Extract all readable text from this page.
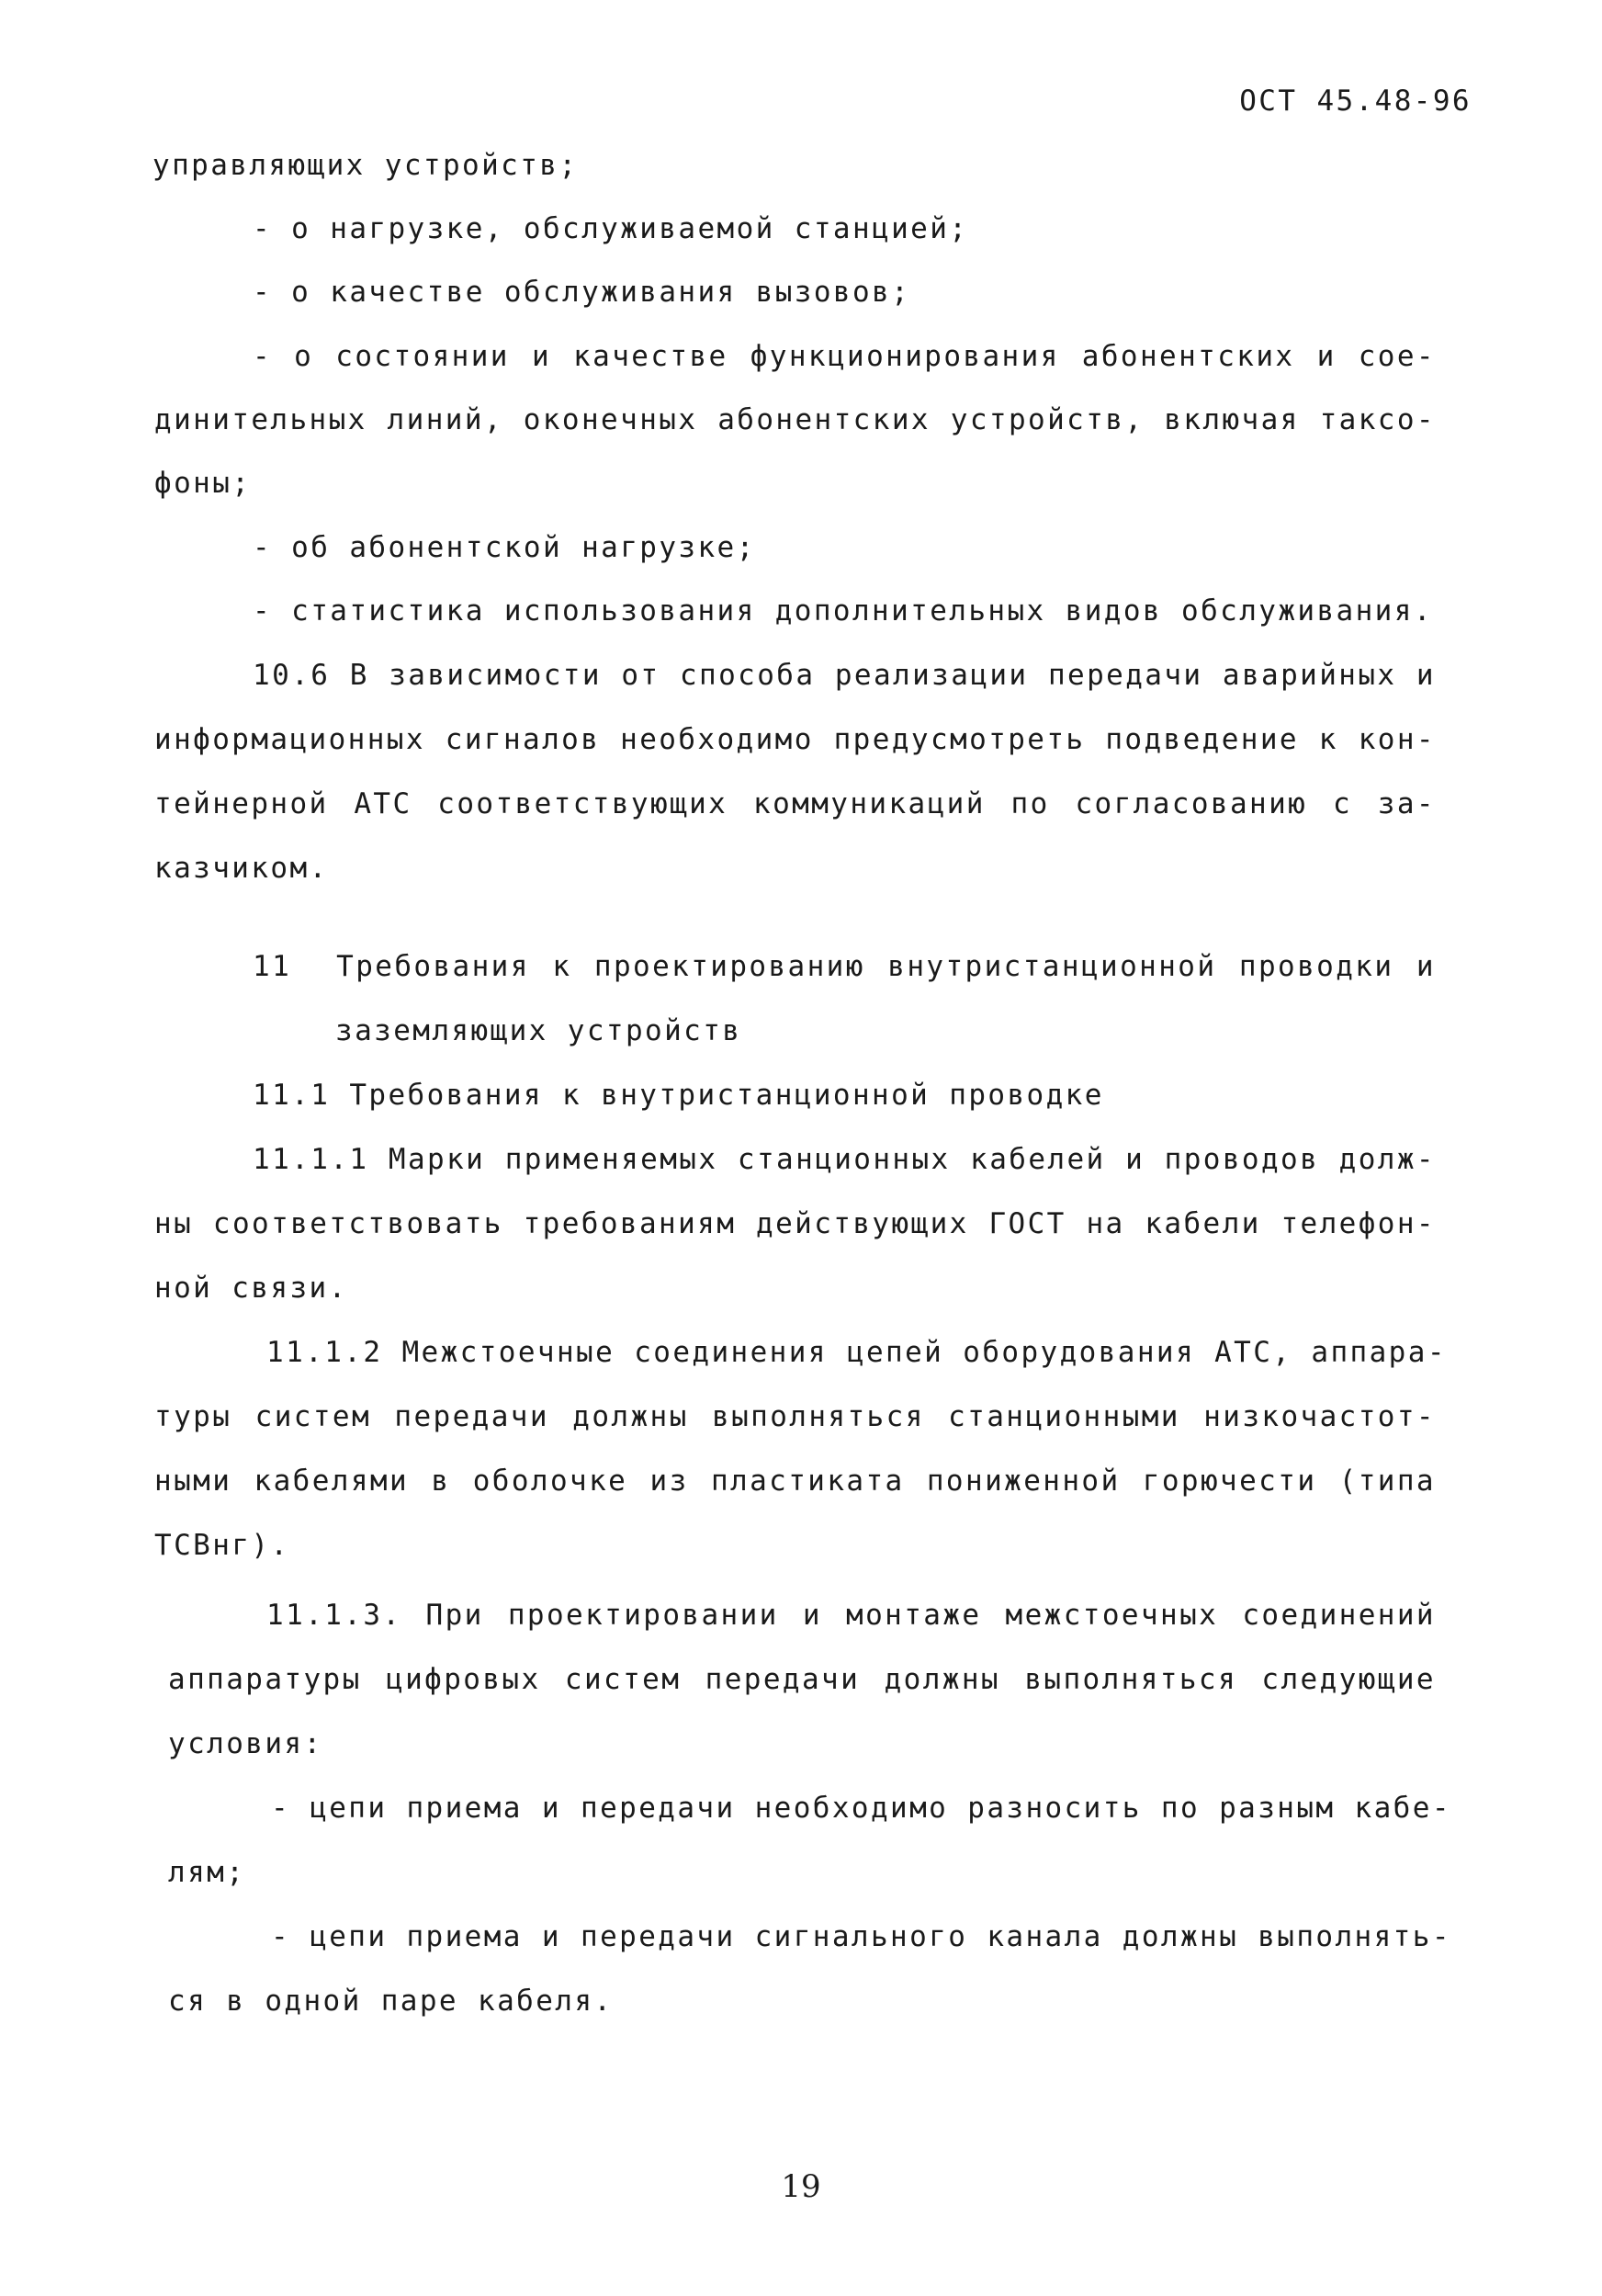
ОСТ 45.48-96
управляющих устройств;
- о нагрузке, обслуживаемой станцией;
- о качестве обслуживания вызовов;
- о состоянии и качестве функционирования абонентских и сое-
динительных линий, оконечных абонентских устройств, включая таксо-
фоны;
- об абонентской нагрузке;
- статистика использования дополнительных видов обслуживания.
10.6 В зависимости от способа реализации передачи аварийных и
информационных сигналов необходимо предусмотреть подведение к кон-
тейнерной АТС соответствующих коммуникаций по согласованию с за-
казчиком.
11  Требования к проектированию внутристанционной проводки и
заземляющих устройств
11.1 Требования к внутристанционной проводке
11.1.1 Марки применяемых станционных кабелей и проводов долж-
ны соответствовать требованиям действующих ГОСТ на кабели телефон-
ной связи.
11.1.2 Межстоечные соединения цепей оборудования АТС, аппара-
туры систем передачи должны выполняться станционными низкочастот-
ными кабелями в оболочке из пластиката пониженной горючести (типа
ТСВнг).
11.1.3. При проектировании и монтаже межстоечных соединений
аппаратуры цифровых систем передачи должны выполняться следующие
условия:
- цепи приема и передачи необходимо разносить по разным кабе-
лям;
- цепи приема и передачи сигнального канала должны выполнять-
ся в одной паре кабеля.
19
